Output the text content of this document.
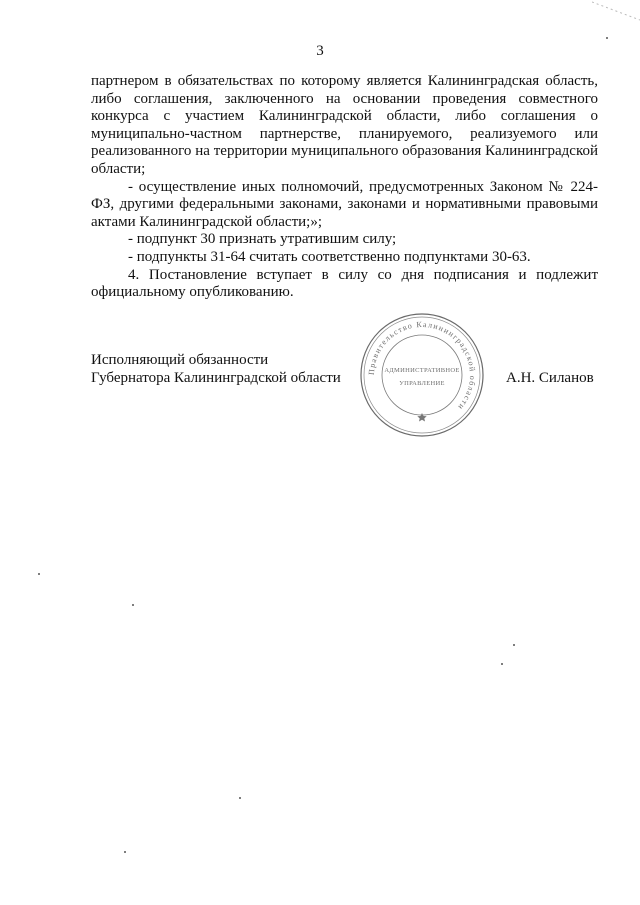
3

партнером в обязательствах по которому является Калининградская область, либо соглашения, заключенного на основании проведения совместного конкурса с участием Калининградской области, либо соглашения о муниципально-частном партнерстве, планируемого, реализуемого или реализованного на территории муниципального образования Калининградской области;

- осуществление иных полномочий, предусмотренных Законом № 224-ФЗ, другими федеральными законами, законами и нормативными правовыми актами Калининградской области;»;

- подпункт 30 признать утратившим силу;

- подпункты 31-64 считать соответственно подпунктами 30-63.

4. Постановление вступает в силу со дня подписания и подлежит официальному опубликованию.

Исполняющий обязанности
Губернатора Калининградской области	А.Н. Силанов
Правительство Калининградской области
АДМИНИСТРАТИВНОЕ
УПРАВЛЕНИЕ
